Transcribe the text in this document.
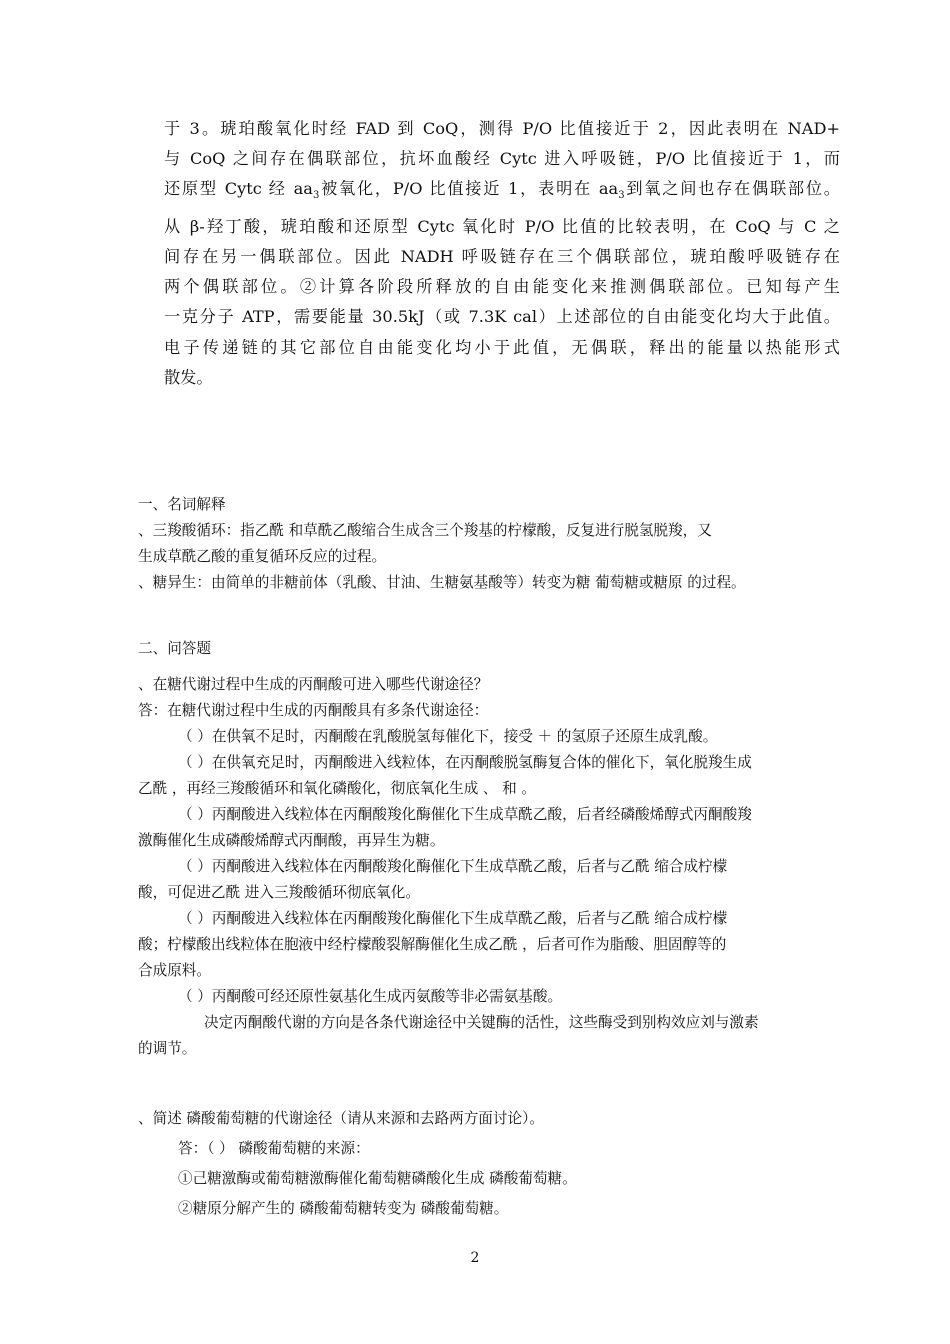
于 3。琥珀酸氧化时经 FAD 到 CoQ，测得 P/O 比值接近于 2，因此表明在 NAD+
与 CoQ 之间存在偶联部位，抗坏血酸经 Cytc 进入呼吸链，P/O 比值接近于 1，而
还原型 Cytc 经 $aa_3$被氧化，P/O 比值接近 1，表明在 $aa_3$到氧之间也存在偶联部位。
从 β-羟丁酸，琥珀酸和还原型 Cytc 氧化时 P/O 比值的比较表明，在 CoQ 与 C 之
间存在另一偶联部位。因此 NADH 呼吸链存在三个偶联部位，琥珀酸呼吸链存在
两个偶联部位。②计算各阶段所释放的自由能变化来推测偶联部位。已知每产生
一克分子 ATP，需要能量 30.5kJ（或 7.3K cal）上述部位的自由能变化均大于此值。
电子传递链的其它部位自由能变化均小于此值，无偶联，释出的能量以热能形式
散发。

一、名词解释

、三羧酸循环：指乙酰 和草酰乙酸缩合生成含三个羧基的柠檬酸，反复进行脱氢脱羧，又

生成草酰乙酸的重复循环反应的过程。

、糖异生：由简单的非糖前体（乳酸、甘油、生糖氨基酸等）转变为糖 葡萄糖或糖原 的过程。

二、问答题

、在糖代谢过程中生成的丙酮酸可进入哪些代谢途径？

答：在糖代谢过程中生成的丙酮酸具有多条代谢途径：

（ ）在供氧不足时，丙酮酸在乳酸脱氢每催化下，接受 ＋ 的氢原子还原生成乳酸。

（ ）在供氧充足时，丙酮酸进入线粒体，在丙酮酸脱氢酶复合体的催化下，氧化脱羧生成

乙酰 ，再经三羧酸循环和氧化磷酸化，彻底氧化生成 、 和 。

（ ）丙酮酸进入线粒体在丙酮酸羧化酶催化下生成草酰乙酸，后者经磷酸烯醇式丙酮酸羧

激酶催化生成磷酸烯醇式丙酮酸，再异生为糖。

（ ）丙酮酸进入线粒体在丙酮酸羧化酶催化下生成草酰乙酸，后者与乙酰 缩合成柠檬

酸，可促进乙酰 进入三羧酸循环彻底氧化。

（ ）丙酮酸进入线粒体在丙酮酸羧化酶催化下生成草酰乙酸，后者与乙酰 缩合成柠檬

酸；柠檬酸出线粒体在胞液中经柠檬酸裂解酶催化生成乙酰 ，后者可作为脂酸、胆固醇等的

合成原料。

（ ）丙酮酸可经还原性氨基化生成丙氨酸等非必需氨基酸。

决定丙酮酸代谢的方向是各条代谢途径中关键酶的活性，这些酶受到别构效应刘与激素

的调节。

、简述 磷酸葡萄糖的代谢途径（请从来源和去路两方面讨论）。

答：（ ） 磷酸葡萄糖的来源：

①己糖激酶或葡萄糖激酶催化葡萄糖磷酸化生成 磷酸葡萄糖。

②糖原分解产生的 磷酸葡萄糖转变为 磷酸葡萄糖。

2
